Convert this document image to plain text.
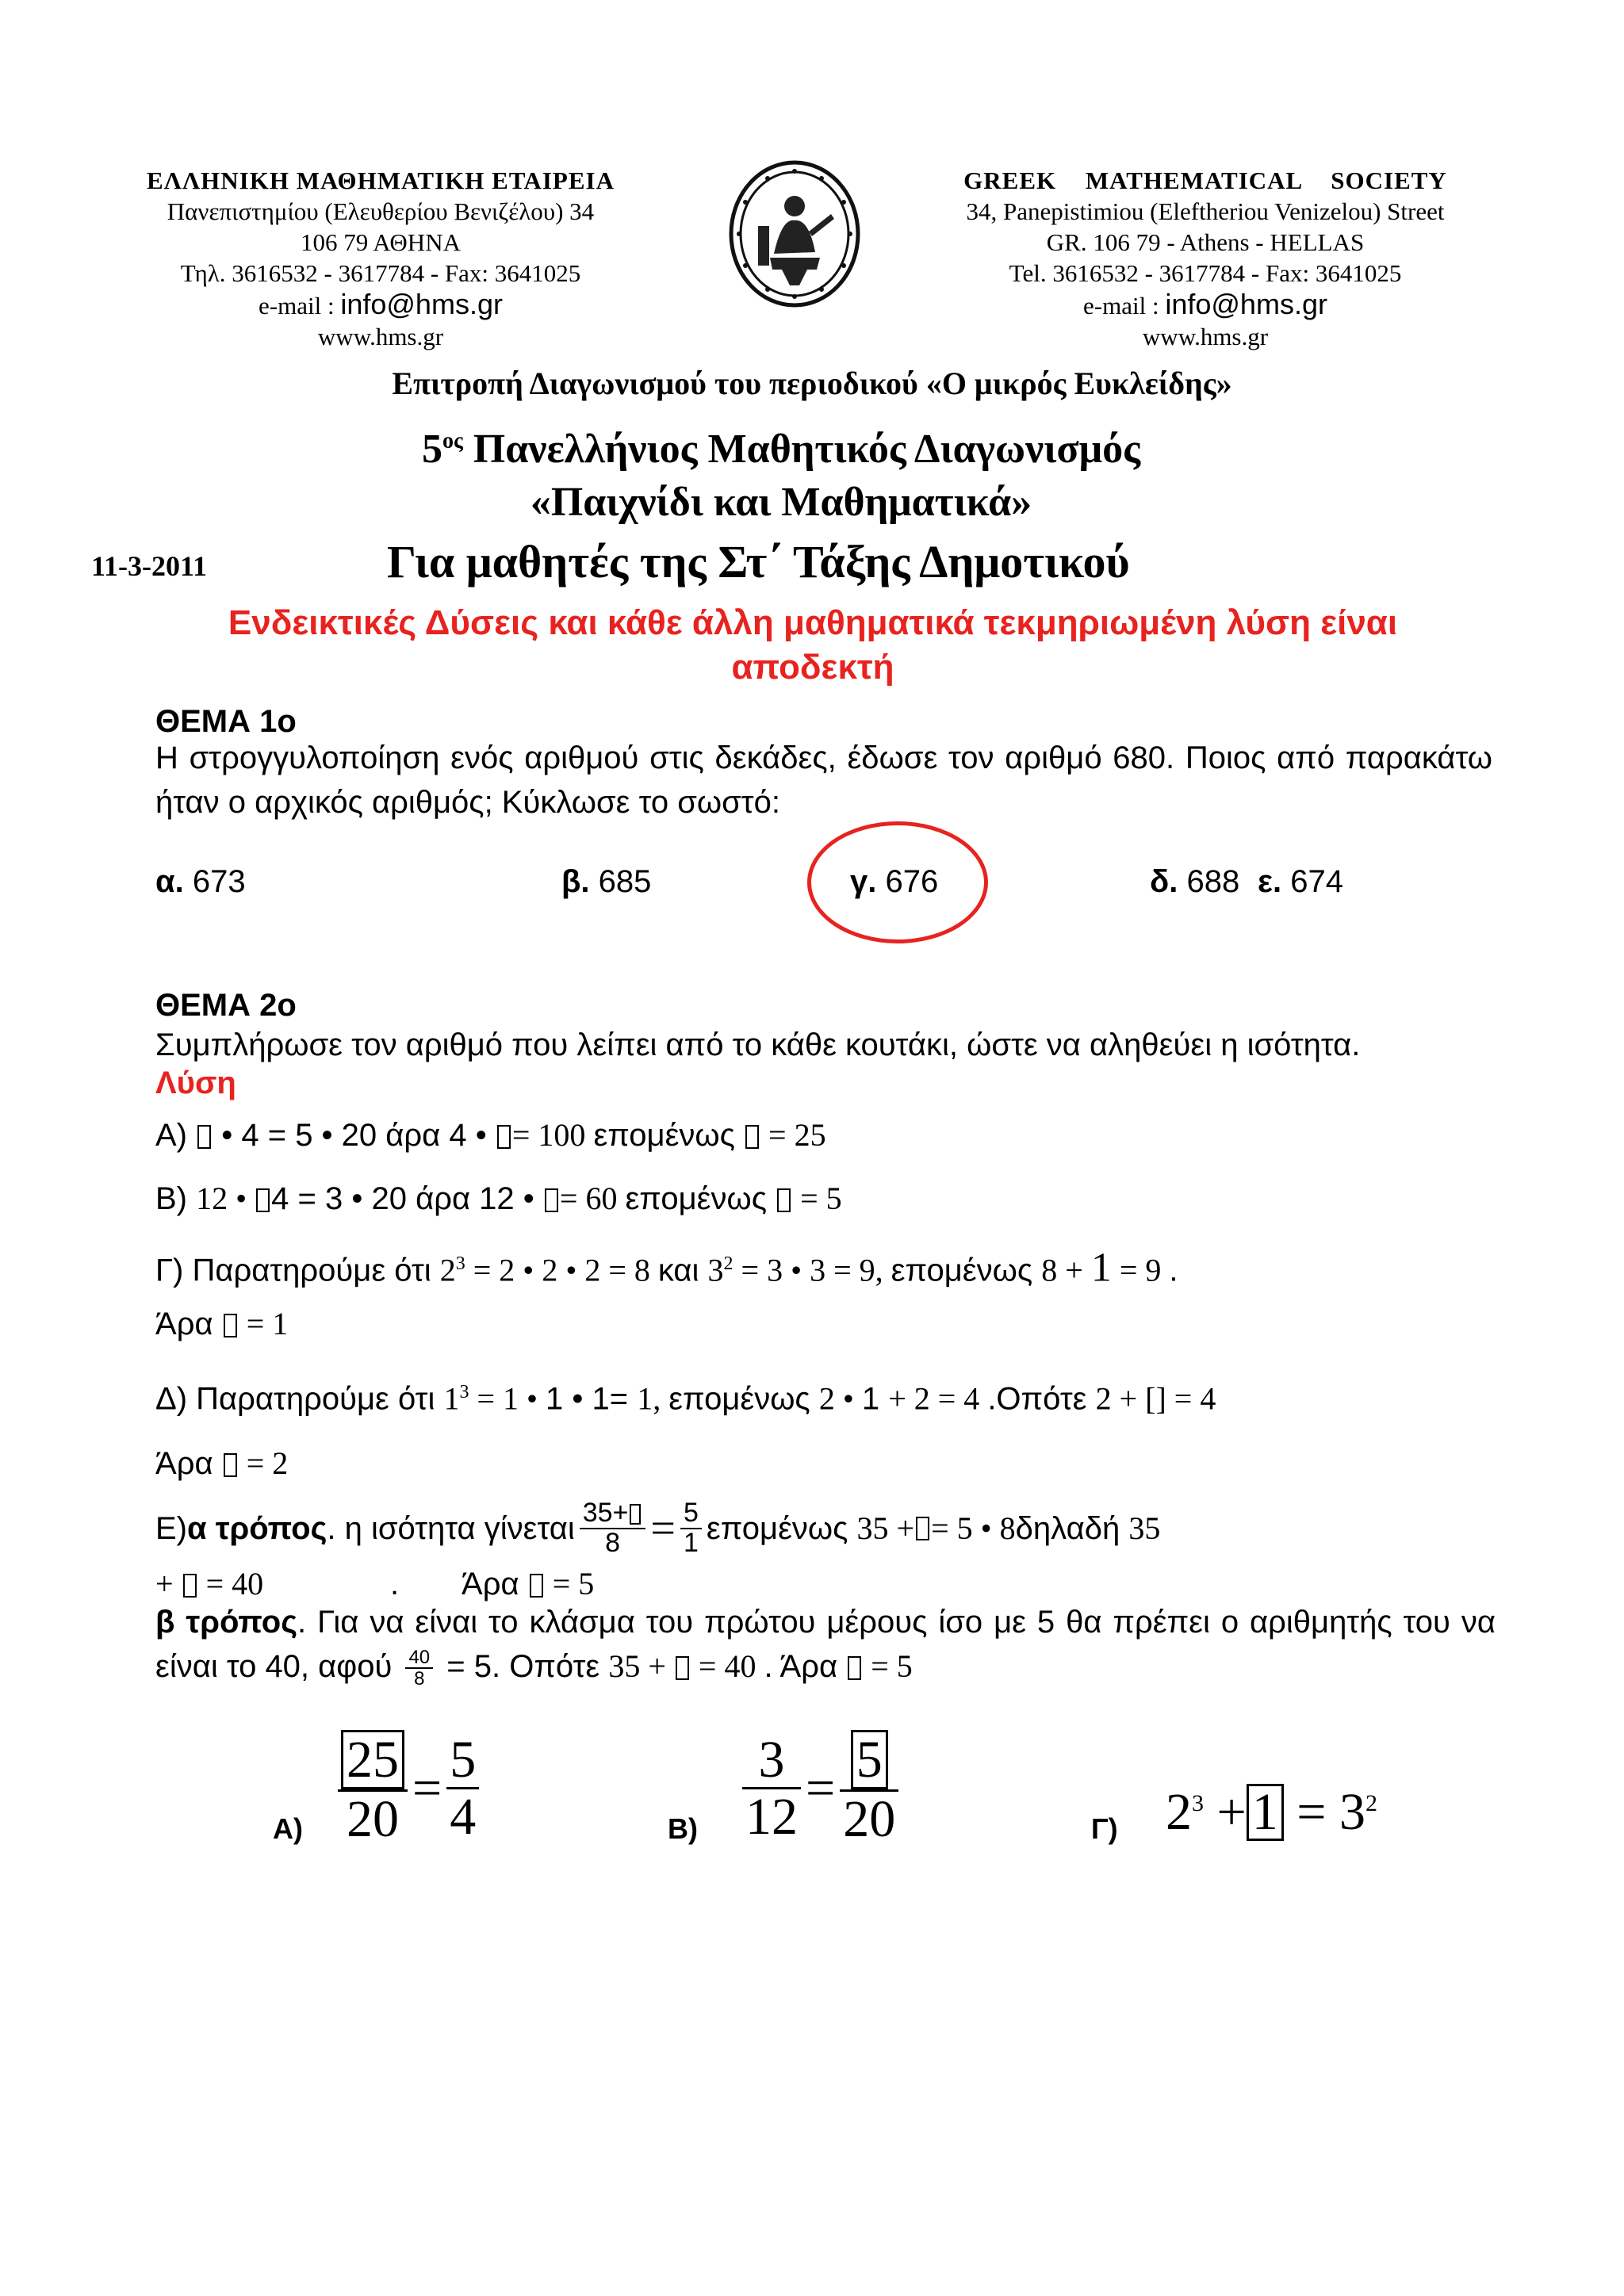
ΕΛΛΗΝΙΚΗ ΜΑΘΗΜΑΤΙΚΗ ΕΤΑΙΡΕΙΑ
Πανεπιστημίου (Ελευθερίου Βενιζέλου) 34
106 79 ΑΘΗΝΑ
Τηλ. 3616532 - 3617784 - Fax: 3641025
e-mail : info@hms.gr
www.hms.gr
GREEK MATHEMATICAL SOCIETY
34, Panepistimiou (Eleftheriou Venizelou) Street
GR. 106 79 - Athens - HELLAS
Tel. 3616532 - 3617784 - Fax: 3641025
e-mail : info@hms.gr
www.hms.gr
Επιτροπή Διαγωνισμού του περιοδικού «Ο μικρός Ευκλείδης»
$5^{o\varsigma}$ Πανελλήνιος Μαθητικός Διαγωνισμός
«Παιχνίδι και Μαθηματικά»
11-3-2011	Για μαθητές της Στ΄ Τάξης Δημοτικού
Ενδεικτικές Δύσεις και κάθε άλλη μαθηματικά τεκμηριωμένη λύση είναι αποδεκτή
ΘΕΜΑ 1ο
Η στρογγυλοποίηση ενός αριθμού στις δεκάδες, έδωσε τον αριθμό 680. Ποιος από παρακάτω ήταν ο αρχικός αριθμός; Κύκλωσε το σωστό:
α. 673	β. 685	γ. 676	δ. 688 ε. 674
ΘΕΜΑ 2ο
Συμπλήρωσε τον αριθμό που λείπει από το κάθε κουτάκι, ώστε να αληθεύει η ισότητα.
Λύση
Α)  • 4 = 5 • 20 άρα 4 • = 100 επομένως  = 25
Β) 12 • 4 = 3 • 20 άρα 12 • = 60 επομένως  = 5
Γ) Παρατηρούμε ότι $2^3 = 2$ • 2 • 2 = 8 και $3^2 = 3$ • 3 = 9, επομένως 8 + 1 = 9 .
Άρα  = 1
Δ) Παρατηρούμε ότι $1^3 = 1$ • 1 • 1= 1, επομένως 2 • 1 + 2 = 4 .Οπότε 2 + [] = 4
Άρα  = 2
Ε) α τρόπος . η ισότητα γίνεται $\frac{35+}{8} = \frac{5}{1}$ επομένως
35 + = 5 • 8 δηλαδή
35
+  = 40	. Άρα  = 5
β τρόπος. Για να είναι το κλάσμα του πρώτου μέρους ίσο με 5 θα πρέπει ο αριθμητής του να είναι το 40, αφού $\frac{40}{8} = 5$. Οπότε 35 +  = 40 . Άρα  = 5
$A) \frac{25}{20} = \frac{5}{4}$	$B) \frac{3}{12} = \frac{5}{20}$	Γ) $2^3 + 1 = 3^2$
